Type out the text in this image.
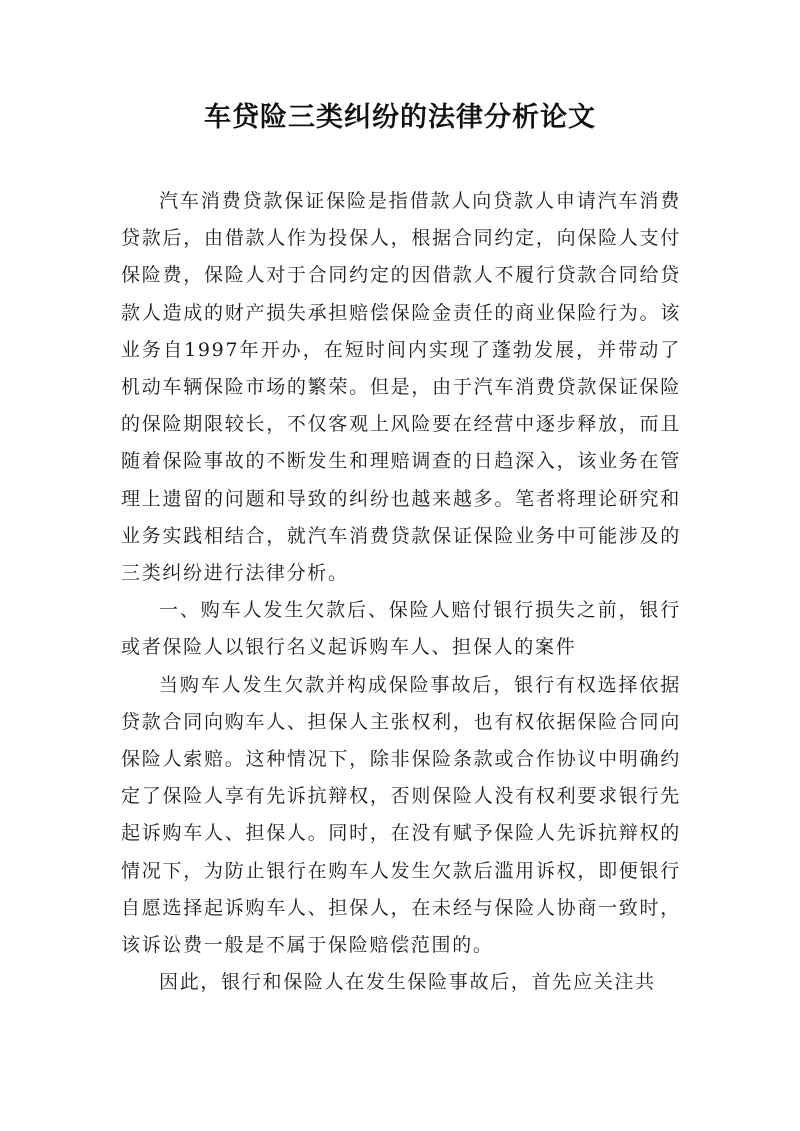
车贷险三类纠纷的法律分析论文

汽车消费贷款保证保险是指借款人向贷款人申请汽车消费贷款后，由借款人作为投保人，根据合同约定，向保险人支付保险费，保险人对于合同约定的因借款人不履行贷款合同给贷款人造成的财产损失承担赔偿保险金责任的商业保险行为。该业务自1997年开办，在短时间内实现了蓬勃发展，并带动了机动车辆保险市场的繁荣。但是，由于汽车消费贷款保证保险的保险期限较长，不仅客观上风险要在经营中逐步释放，而且随着保险事故的不断发生和理赔调查的日趋深入，该业务在管理上遗留的问题和导致的纠纷也越来越多。笔者将理论研究和业务实践相结合，就汽车消费贷款保证保险业务中可能涉及的三类纠纷进行法律分析。

一、购车人发生欠款后、保险人赔付银行损失之前，银行或者保险人以银行名义起诉购车人、担保人的案件

当购车人发生欠款并构成保险事故后，银行有权选择依据贷款合同向购车人、担保人主张权利，也有权依据保险合同向保险人索赔。这种情况下，除非保险条款或合作协议中明确约定了保险人享有先诉抗辩权，否则保险人没有权利要求银行先起诉购车人、担保人。同时，在没有赋予保险人先诉抗辩权的情况下，为防止银行在购车人发生欠款后滥用诉权，即便银行自愿选择起诉购车人、担保人，在未经与保险人协商一致时，该诉讼费一般是不属于保险赔偿范围的。

因此，银行和保险人在发生保险事故后，首先应关注共
